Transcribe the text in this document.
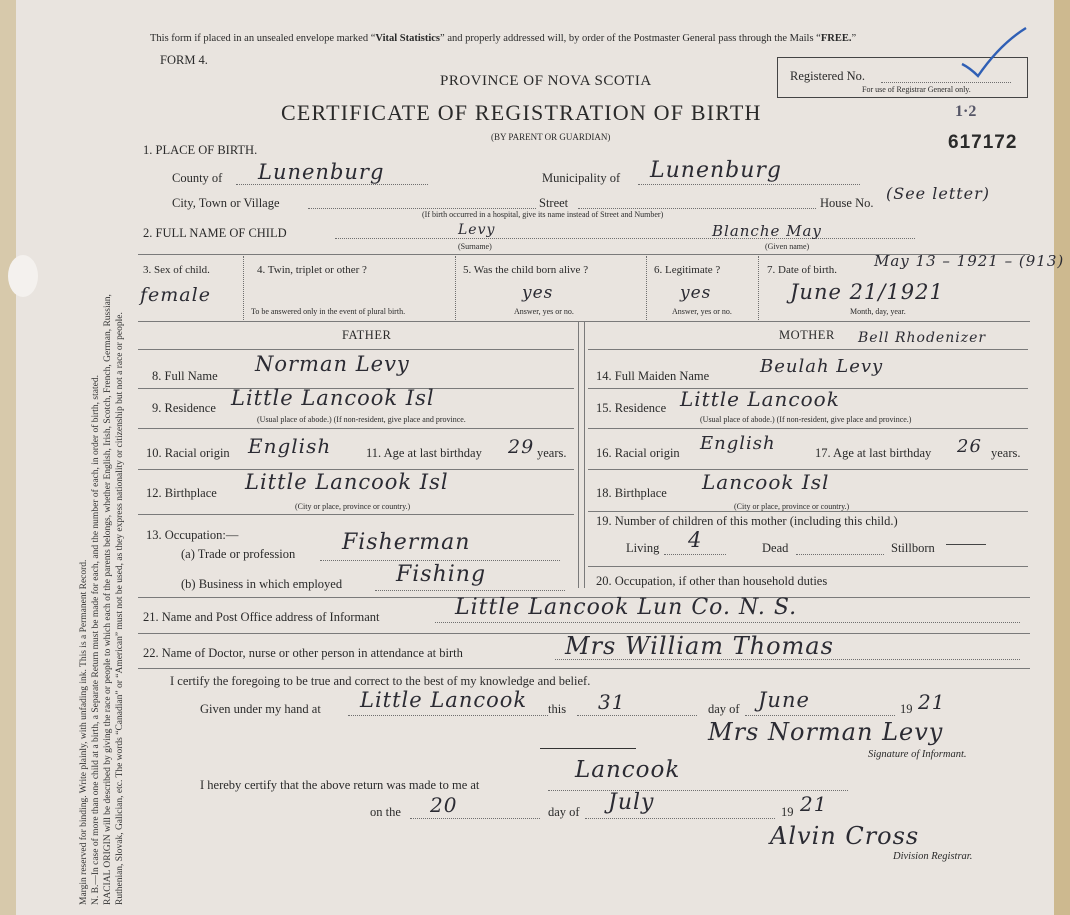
Margin reserved for binding. Write plainly, with unfading ink. This is a Permanent Record. N. B.—In case of more than one child at a birth, a Separate Return must be made for each, and the number of each, in order of birth, stated. RACIAL ORIGIN will be described by giving the race or people to which each of the parents belongs, whether English, Irish, Scotch, French, German, Russian, Ruthenian, Slovak, Galician, etc. The words “Canadian” or “American” must not be used, as they express nationality or citizenship but not a race or people.
This form if placed in an unsealed envelope marked “Vital Statistics” and properly addressed will, by order of the Postmaster General pass through the Mails “FREE.”
FORM 4.
PROVINCE OF NOVA SCOTIA
CERTIFICATE OF REGISTRATION OF BIRTH
(BY PARENT OR GUARDIAN)
Registered No.
For use of Registrar General only.
1·2
617172
1. PLACE OF BIRTH.
County of Lunenburg	Municipality of Lunenburg
City, Town or Village	Street	House No. (See letter)
(If birth occurred in a hospital, give its name instead of Street and Number)
2. FULL NAME OF CHILD	Levy	Blanche May
(Surname)	(Given name)
3. Sex of child.
female
4. Twin, triplet or other ?
To be answered only in the event of plural birth.
5. Was the child born alive ?
yes
Answer, yes or no.
6. Legitimate ?
yes
Answer, yes or no.
7. Date of birth. May 13 – 1921 – (913)
June 21/1921
Month, day, year.
FATHER	MOTHER Bell Rhodenizer
8. Full Name Norman Levy
9. Residence Little Lancook Isl
(Usual place of abode.) (If non-resident, give place and province.
10. Racial origin English	11. Age at last birthday 29 years.
12. Birthplace Little Lancook Isl
(City or place, province or country.)
13. Occupation:—
(a) Trade or profession Fisherman
(b) Business in which employed Fishing
14. Full Maiden Name	Beulah Levy
15. Residence Little Lancook
(Usual place of abode.) (If non-resident, give place and province.)
16. Racial origin English	17. Age at last birthday 26 years.
18. Birthplace Lancook Isl
(City or place, province or country.)
19. Number of children of this mother (including this child.)
Living 4	Dead	Stillborn
20. Occupation, if other than household duties
21. Name and Post Office address of Informant	Little Lancook Lun Co. N. S.
22. Name of Doctor, nurse or other person in attendance at birth	Mrs William Thomas
I certify the foregoing to be true and correct to the best of my knowledge and belief.
Given under my hand at Little Lancook this 31	day of June	19 21
Mrs Norman Levy
Signature of Informant.
I hereby certify that the above return was made to me at
Lancook
on the 20	day of July	19 21
Alvin Cross
Division Registrar.
